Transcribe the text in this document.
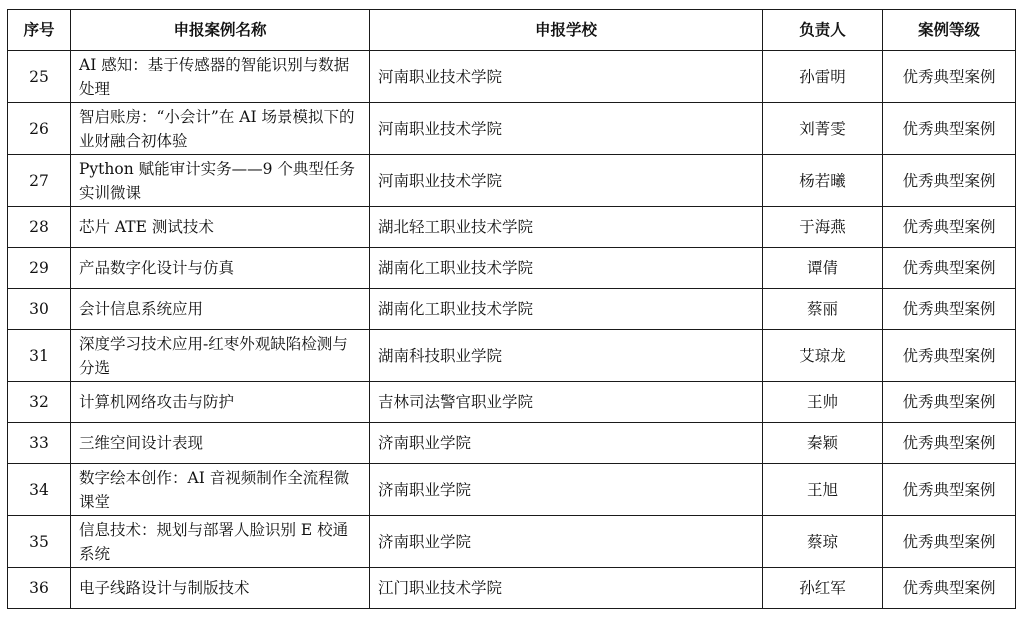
序号	申报案例名称	申报学校	负责人	案例等级
25	AI 感知：基于传感器的智能识别与数据处理	河南职业技术学院	孙雷明	优秀典型案例
26	智启账房：“小会计”在 AI 场景模拟下的业财融合初体验	河南职业技术学院	刘菁雯	优秀典型案例
27	Python 赋能审计实务——9 个典型任务实训微课	河南职业技术学院	杨若曦	优秀典型案例
28	芯片 ATE 测试技术	湖北轻工职业技术学院	于海燕	优秀典型案例
29	产品数字化设计与仿真	湖南化工职业技术学院	谭倩	优秀典型案例
30	会计信息系统应用	湖南化工职业技术学院	蔡丽	优秀典型案例
31	深度学习技术应用-红枣外观缺陷检测与分选	湖南科技职业学院	艾琼龙	优秀典型案例
32	计算机网络攻击与防护	吉林司法警官职业学院	王帅	优秀典型案例
33	三维空间设计表现	济南职业学院	秦颖	优秀典型案例
34	数字绘本创作：AI 音视频制作全流程微课堂	济南职业学院	王旭	优秀典型案例
35	信息技术：规划与部署人脸识别 E 校通系统	济南职业学院	蔡琼	优秀典型案例
36	电子线路设计与制版技术	江门职业技术学院	孙红军	优秀典型案例
